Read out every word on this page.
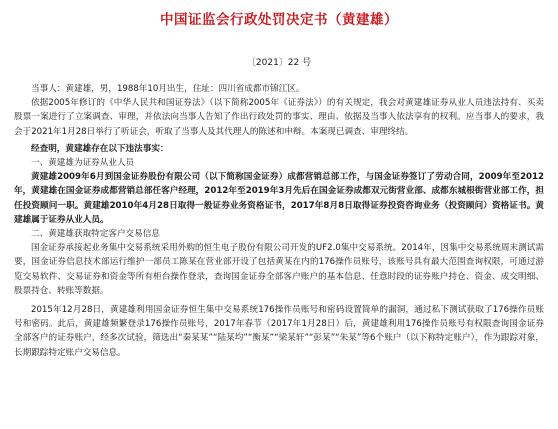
中国证监会行政处罚决定书（黄建雄）
〔2021〕22 号

当事人：黄建雄，男，1988年10月出生，住址：四川省成都市锦江区。

依据2005年修订的《中华人民共和国证券法》（以下简称2005年《证券法》）的有关规定，我会对黄建雄证券从业人员违法持有、买卖股票一案进行了立案调查、审理，并依法向当事人告知了作出行政处罚的事实、理由、依据及当事人依法享有的权利。应当事人的要求，我会于2021年1月28日举行了听证会，听取了当事人及其代理人的陈述和申辩。本案现已调查、审理终结。

经查明，黄建雄存在以下违法事实：

一、黄建雄为证券从业人员

黄建雄2009年6月到国金证券股份有限公司（以下简称国金证券）成都营销总部工作，与国金证券签订了劳动合同，2009年至2012年，黄建雄在国金证券成都营销总部任客户经理，2012年至2019年3月先后在国金证券成都双元街营业部、成都东城根街营业部工作，担任投资顾问一职。黄建雄2010年4月28日取得一般证券业务资格证书，2017年8月8日取得证券投资咨询业务（投资顾问）资格证书。黄建雄属于证券从业人员。

二、黄建雄获取特定客户交易信息

国金证券承接起业务集中交易系统采用外购的恒生电子股份有限公司开发的UF2.0集中交易系统。2014年，因集中交易系统周末测试需要，国金证券信息技术部运行维护一部员工陈某在营业部开设了包括黄某在内的176操作员账号，该账号具有最大范围查询权限，可通过游览交易软件、交易证券和资金等所有柜台操作登录，查询国金证券全部客户账户的基本信息、任意时段的证券账户持仓、资金、成交明细、股票持仓、转账等数据。

2015年12月28日，黄建雄利用国金证券恒生集中交易系统176操作员账号和密码设置简单的漏洞，通过私下测试获取了176操作员账号和密码。此后，黄建雄频繁登录176操作员账号，2017年春节（2017年1月28日）后，黄建雄利用176操作员账号有权限查询国金证券全部客户的证券账户，经多次试验，筛选出“秦某某”“陆某均”“衡某”“梁某轩”“彭某”“朱某”等6个账户（以下称特定账户），作为跟踪对象，长期跟踪特定账户交易信息。
